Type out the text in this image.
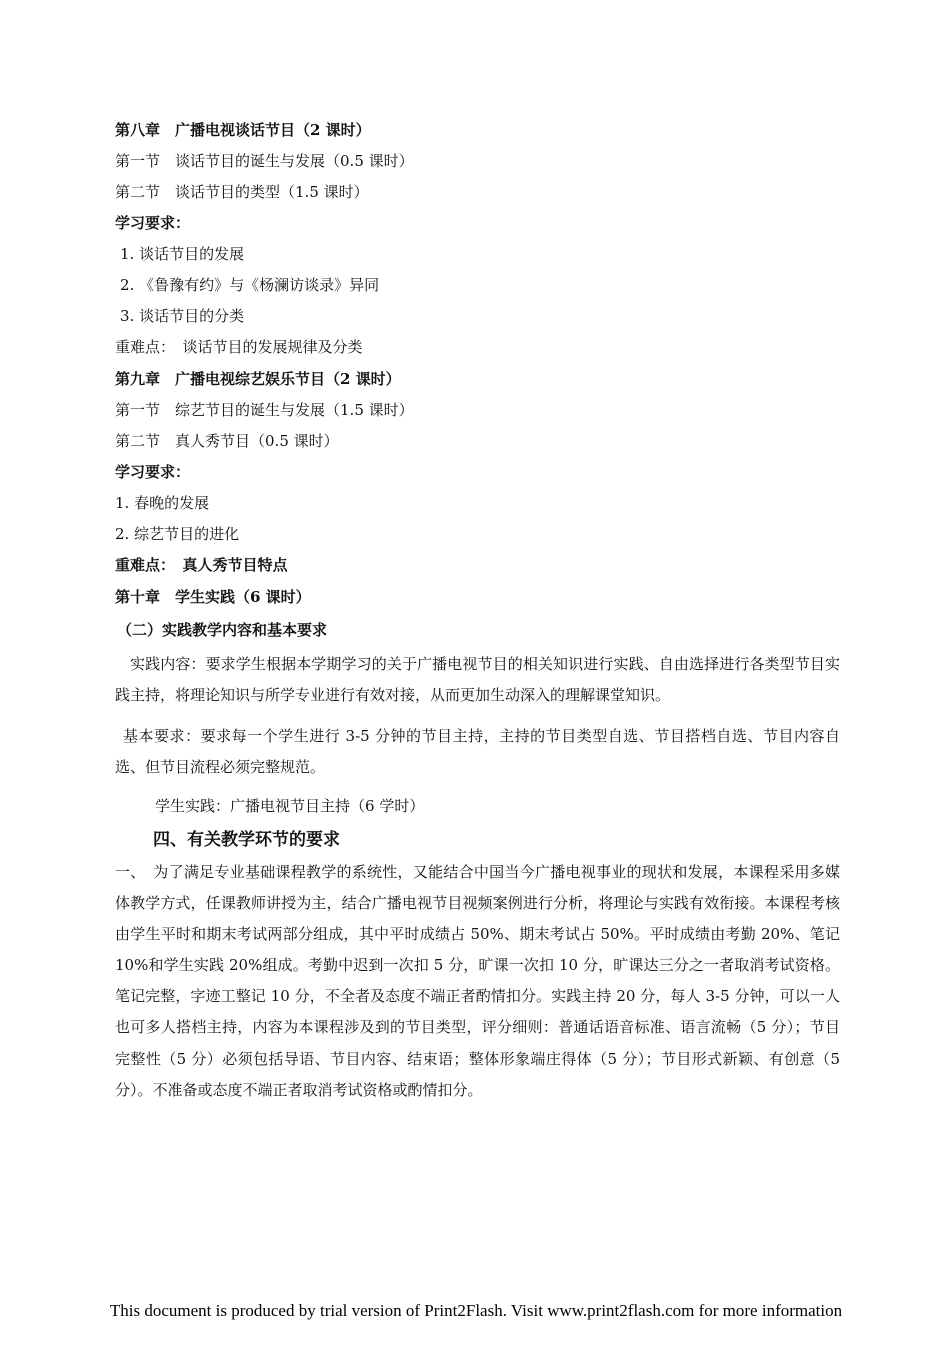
第八章　广播电视谈话节目（2 课时）
第一节　谈话节目的诞生与发展（0.5 课时）
第二节　谈话节目的类型（1.5 课时）
学习要求：
1. 谈话节目的发展
2. 《鲁豫有约》与《杨澜访谈录》异同
3. 谈话节目的分类
重难点：　谈话节目的发展规律及分类
第九章　广播电视综艺娱乐节目（2 课时）
第一节　综艺节目的诞生与发展（1.5 课时）
第二节　真人秀节目（0.5 课时）
学习要求：
1. 春晚的发展
2. 综艺节目的进化
重难点：　真人秀节目特点
第十章　学生实践（6 课时）
（二）实践教学内容和基本要求
实践内容：要求学生根据本学期学习的关于广播电视节目的相关知识进行实践、自由选择进行各类型节目实践主持，将理论知识与所学专业进行有效对接，从而更加生动深入的理解课堂知识。
基本要求：要求每一个学生进行 3-5 分钟的节目主持，主持的节目类型自选、节目搭档自选、节目内容自选、但节目流程必须完整规范。
学生实践：广播电视节目主持（6 学时）
四、有关教学环节的要求
一、　为了满足专业基础课程教学的系统性，又能结合中国当今广播电视事业的现状和发展，本课程采用多媒体教学方式，任课教师讲授为主，结合广播电视节目视频案例进行分析，将理论与实践有效衔接。本课程考核由学生平时和期末考试两部分组成，其中平时成绩占 50%、期末考试占 50%。平时成绩由考勤 20%、笔记 10%和学生实践 20%组成。考勤中迟到一次扣 5 分，旷课一次扣 10 分，旷课达三分之一者取消考试资格。笔记完整，字迹工整记 10 分，不全者及态度不端正者酌情扣分。实践主持 20 分，每人 3-5 分钟，可以一人也可多人搭档主持，内容为本课程涉及到的节目类型，评分细则：普通话语音标准、语言流畅（5 分）；节目完整性（5 分）必须包括导语、节目内容、结束语；整体形象端庄得体（5 分）；节目形式新颖、有创意（5 分）。不准备或态度不端正者取消考试资格或酌情扣分。
This document is produced by trial version of Print2Flash. Visit www.print2flash.com for more information
